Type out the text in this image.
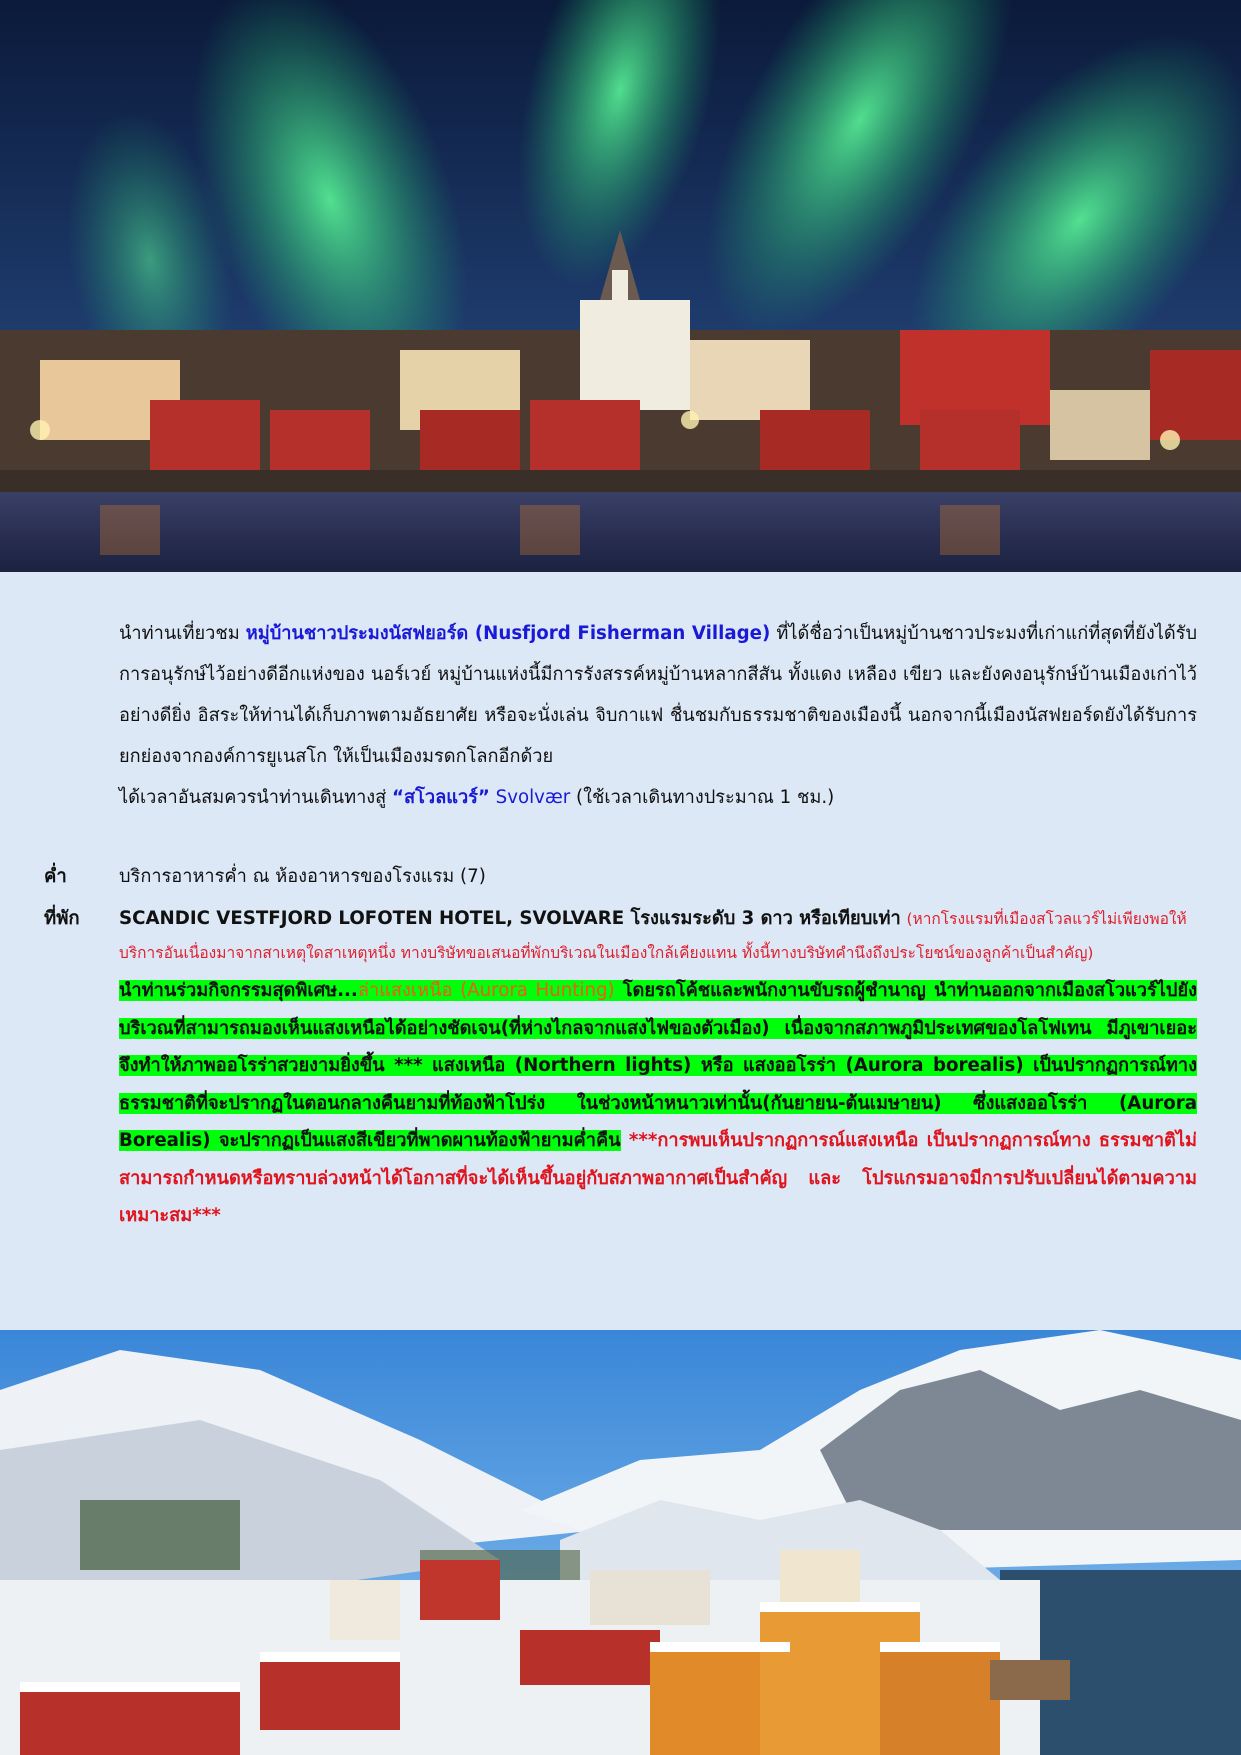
นำท่านเที่ยวชม หมู่บ้านชาวประมงนัสฟยอร์ด (Nusfjord Fisherman Village) ที่ได้ชื่อว่าเป็นหมู่บ้านชาวประมงที่เก่าแก่ที่สุดที่ยังได้รับการอนุรักษ์ไว้อย่างดีอีกแห่งของ นอร์เวย์ หมู่บ้านแห่งนี้มีการรังสรรค์หมู่บ้านหลากสีสัน ทั้งแดง เหลือง เขียว และยังคงอนุรักษ์บ้านเมืองเก่าไว้อย่างดียิ่ง อิสระให้ท่านได้เก็บภาพตามอัธยาศัย หรือจะนั่งเล่น จิบกาแฟ ชื่นชมกับธรรมชาติของเมืองนี้ นอกจากนี้เมืองนัสฟยอร์ดยังได้รับการยกย่องจากองค์การยูเนสโก ให้เป็นเมืองมรดกโลกอีกด้วย

ได้เวลาอันสมควรนำท่านเดินทางสู่ “สโวลแวร์” Svolvær (ใช้เวลาเดินทางประมาณ 1 ชม.)

ค่ำ	บริการอาหารค่ำ ณ ห้องอาหารของโรงแรม (7)
ที่พัก SCANDIC VESTFJORD LOFOTEN HOTEL, SVOLVARE โรงแรมระดับ 3 ดาว หรือเทียบเท่า (หากโรงแรมที่เมืองสโวลแวร์ไม่เพียงพอให้บริการอันเนื่องมาจากสาเหตุใดสาเหตุหนึ่ง ทางบริษัทขอเสนอที่พักบริเวณในเมืองใกล้เคียงแทน ทั้งนี้ทางบริษัทคำนึงถึงประโยชน์ของลูกค้าเป็นสำคัญ)
นำท่านร่วมกิจกรรมสุดพิเศษ...ล่าแสงเหนือ (Aurora Hunting) โดยรถโค้ชและพนักงานขับรถผู้ชำนาญ นำท่านออกจากเมืองสโวแวร์ไปยังบริเวณที่สามารถมองเห็นแสงเหนือได้อย่างชัดเจน(ที่ห่างไกลจากแสงไฟของตัวเมือง) เนื่องจากสภาพภูมิประเทศของโลโฟเทน มีภูเขาเยอะจึงทำให้ภาพออโรร่าสวยงามยิ่งขึ้น *** แสงเหนือ (Northern lights) หรือ แสงออโรร่า (Aurora borealis) เป็นปรากฏการณ์ทางธรรมชาติที่จะปรากฏในตอนกลางคืนยามที่ท้องฟ้าโปร่ง ในช่วงหน้าหนาวเท่านั้น(กันยายน-ต้นเมษายน) ซึ่งแสงออโรร่า (Aurora Borealis) จะปรากฏเป็นแสงสีเขียวที่พาดผานท้องฟ้ายามค่ำคืน ***การพบเห็นปรากฏการณ์แสงเหนือ เป็นปรากฏการณ์ทาง ธรรมชาติไม่สามารถกำหนดหรือทราบล่วงหน้าได้โอกาสที่จะได้เห็นขึ้นอยู่กับสภาพอากาศเป็นสำคัญ และ โปรแกรมอาจมีการปรับเปลี่ยนได้ตามความเหมาะสม***
